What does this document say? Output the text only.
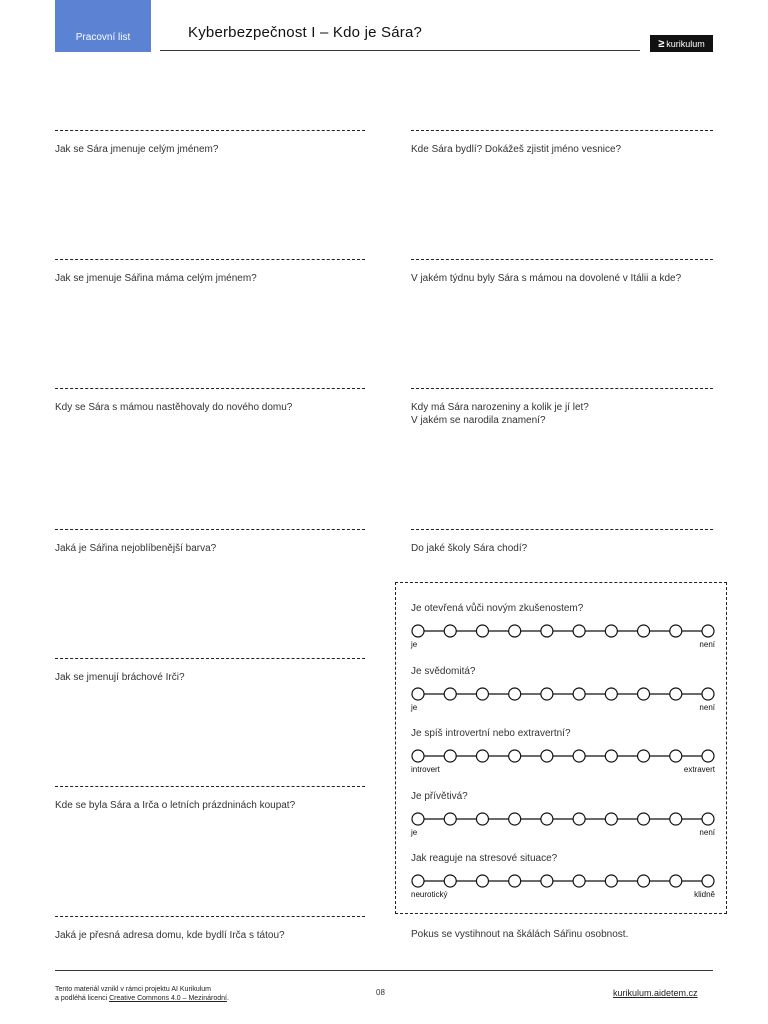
Pracovní list	Kyberbezpečnost I – Kdo je Sára?
≥ kurikulum
Jak se Sára jmenuje celým jménem?
Jak se jmenuje Sářina máma celým jménem?
Kdy se Sára s mámou nastěhovaly do nového domu?
Jaká je Sářina nejoblíbenější barva?
Jak se jmenují bráchové Irči?
Kde se byla Sára a Irča o letních prázdninách koupat?
Jaká je přesná adresa domu, kde bydlí Irča s tátou?
Kde Sára bydlí? Dokážeš zjistit jméno vesnice?
V jakém týdnu byly Sára s mámou na dovolené v Itálii a kde?
Kdy má Sára narozeniny a kolik je jí let?
V jakém se narodila znamení?
Do jaké školy Sára chodí?
Je otevřená vůči novým zkušenostem?
je	není
Je svědomitá?
je	není
Je spíš introvertní nebo extravertní?
introvert	extravert
Je přívětivá?
je	není
Jak reaguje na stresové situace?
neurotický	klidně
Pokus se vystihnout na škálách Sářinu osobnost.
Tento materiál vznikl v rámci projektu AI Kurikulum
a podléhá licenci Creative Commons 4.0 – Mezinárodní.
08	kurikulum.aidetem.cz
